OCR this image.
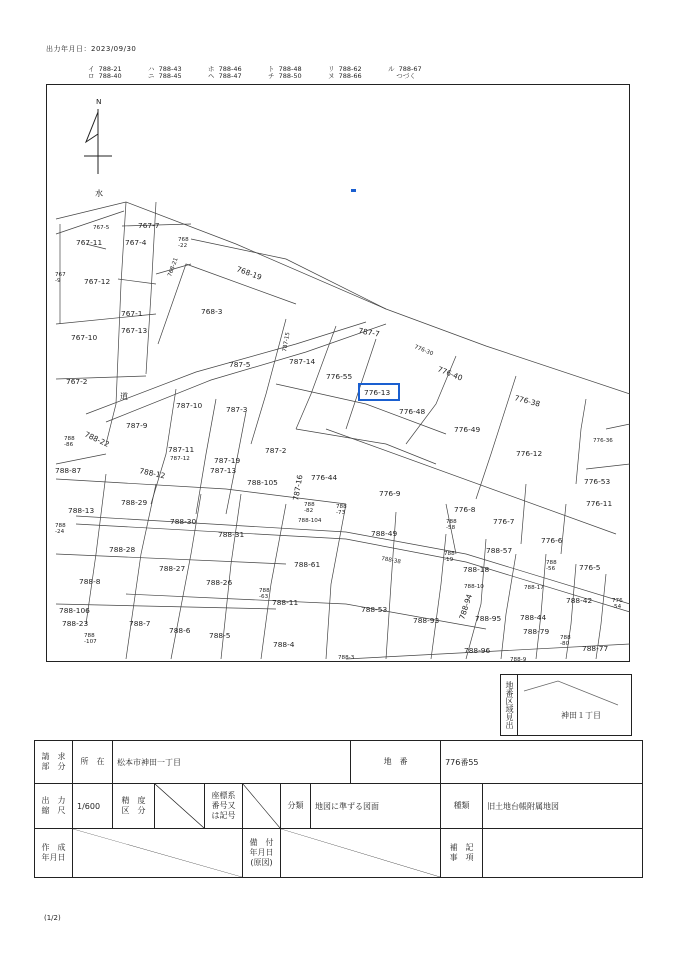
出力年月日：2023/09/30
イ  788-21
ロ  788-40
ハ  788-43
ニ  788-45
ホ  788-46
ヘ  788-47
ト  788-48
チ  788-50
リ  788-62
ヌ  788-66
ル  788-67
つづく
N
水
道
767-7
767-5
767-11	767-4	768 -22
767 -9	767-12
768-21	768-19
767-1	768-3
767-10
767-13	787-7
787-15	776-30
787-5	787-14
776-55	776-40
767-2
776-13
776-38
787-10	787-3	776-48
776-49
776-36
787-9
788 -86 788-22
787-11
787-12	787-19
787-2	776-12
788-87	788-12	787-13
787-16 776-44	776-53
788-105
776-9
776-11
788-29
776-8
788-13
788 -82
788 -73
776-7
788-30	788-104
788 -24	788-31	788-49
776-6
788 -58
788-28	788-57
788 -19
788-61	788-38	788 -56	776-5
788-27	788-18
788-10	788-17
788-8	788-26
788 -63
788-11
788-53	788-94	788-42	776 -54
788-106
788-95	788-44
788-23	788-7
788-6
788-93
788-79
788 -107
788-5	788 -80 788-77
788-4
788-96
788-3	788-9
地番区域見出	神田１丁目
請　求
部　分	所　在	松本市神田一丁目						地　番	776番55	
出　力
縮　尺	1/600	精　度
区　分		座標系
番号又
は記号		分類	地図に準ずる図面		種類	旧土地台帳附属地図
作　成
年月日					備　付
年月日
(原図)				補　記
事　項	
(1/2)
